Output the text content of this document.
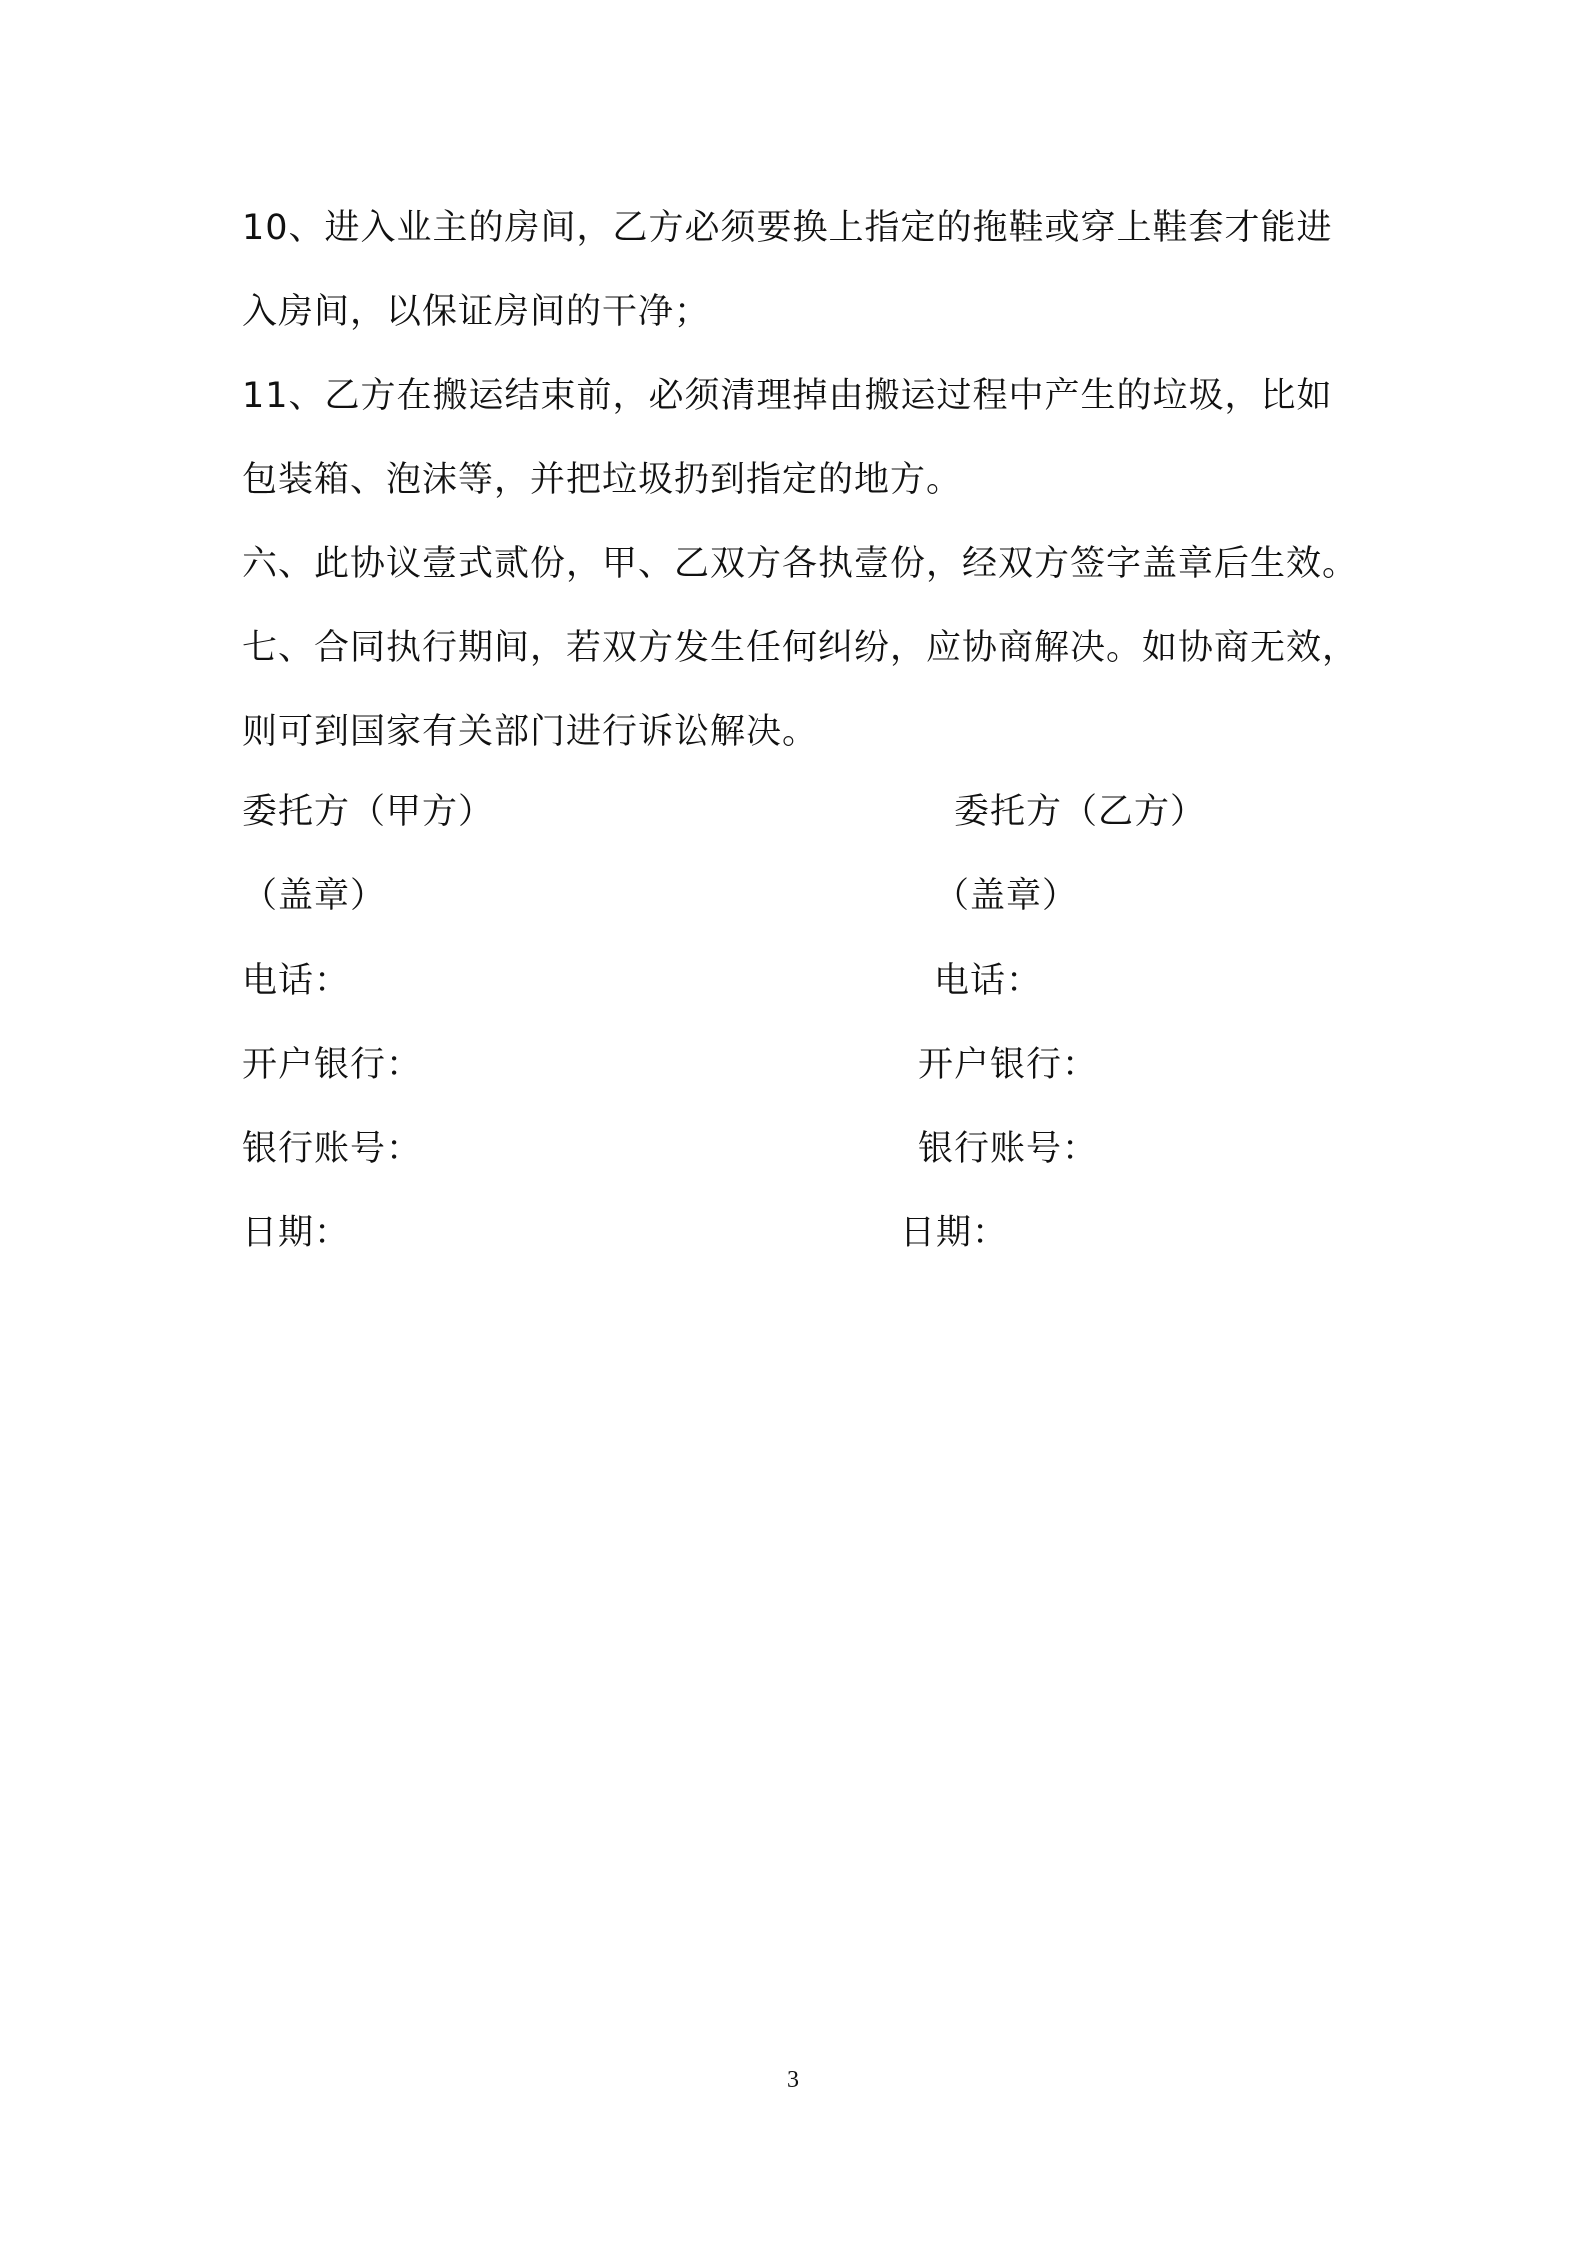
10、进入业主的房间，乙方必须要换上指定的拖鞋或穿上鞋套才能进入房间，以保证房间的干净；

11、乙方在搬运结束前，必须清理掉由搬运过程中产生的垃圾，比如包装箱、泡沫等，并把垃圾扔到指定的地方。

六、此协议壹式贰份，甲、乙双方各执壹份，经双方签字盖章后生效。

七、合同执行期间，若双方发生任何纠纷，应协商解决。如协商无效，则可到国家有关部门进行诉讼解决。

委托方（甲方）	委托方（乙方）

（盖章）	（盖章）

电话：	电话：

开户银行：	开户银行：

银行账号：	银行账号：

日期：	日期：

3
